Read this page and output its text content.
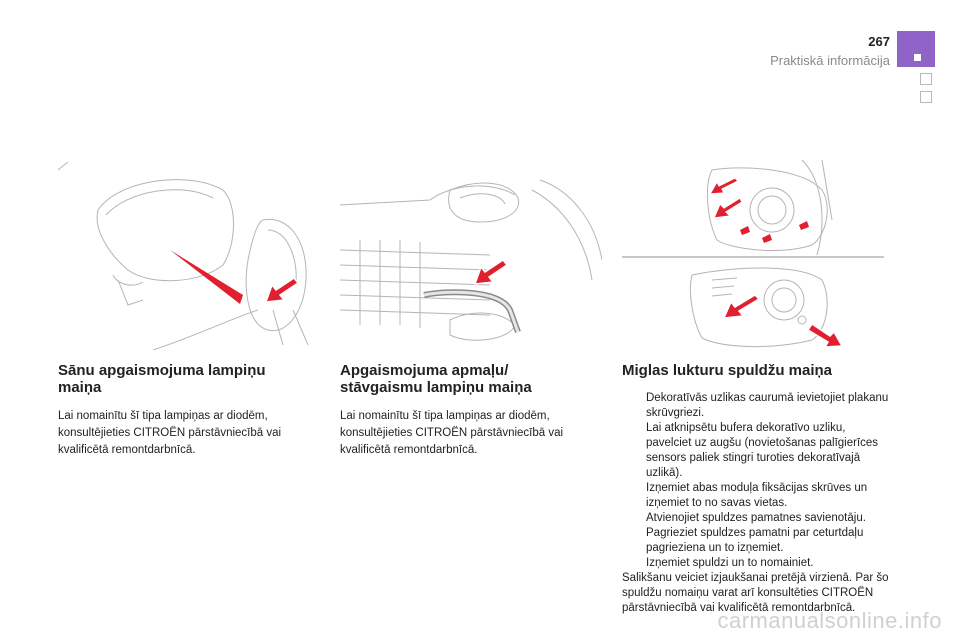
267
Praktiskā informācija
Sānu apgaismojuma lampiņu maiņa

Lai nomainītu šī tipa lampiņas ar diodēm, konsultējieties CITROËN pārstāvniecībā vai kvalificētā remontdarbnīcā.

Apgaismojuma apmaļu/ stāvgaismu lampiņu maiņa

Lai nomainītu šī tipa lampiņas ar diodēm, konsultējieties CITROËN pārstāvniecībā vai kvalificētā remontdarbnīcā.

Miglas lukturu spuldžu maiņa
Dekoratīvās uzlikas caurumā ievietojiet plakanu skrūvgriezi.
Lai atknipsētu bufera dekoratīvo uzliku, pavelciet uz augšu (novietošanas palīgierīces sensors paliek stingri turoties dekoratīvajā uzlikā).
Izņemiet abas moduļa fiksācijas skrūves un izņemiet to no savas vietas.
Atvienojiet spuldzes pamatnes savienotāju.
Pagrieziet spuldzes pamatni par ceturtdaļu pagrieziena un to izņemiet.
Izņemiet spuldzi un to nomainiet.
Salikšanu veiciet izjaukšanai pretējā virzienā. Par šo spuldžu nomaiņu varat arī konsultēties CITROËN pārstāvniecībā vai kvalificētā remontdarbnīcā.
carmanualsonline.info
